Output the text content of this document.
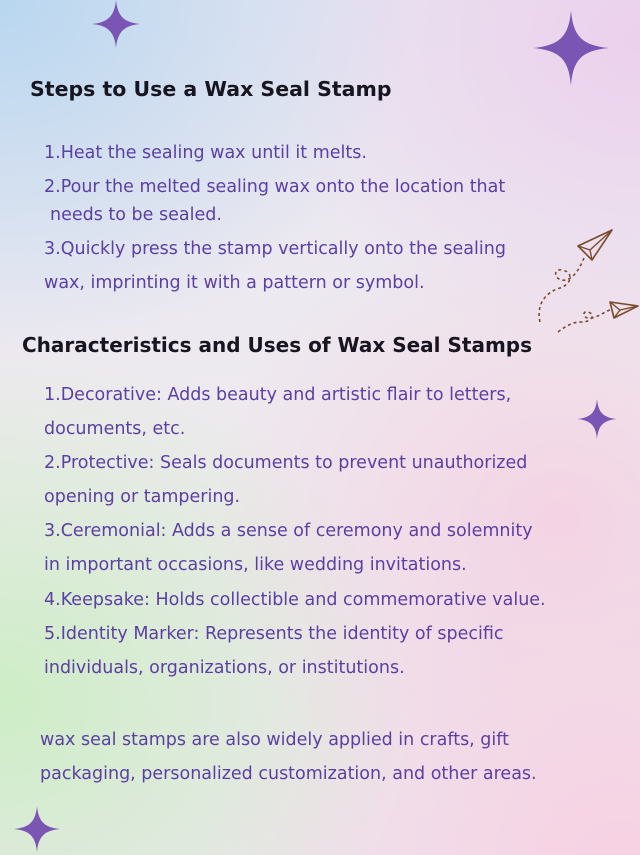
Steps to Use a Wax Seal Stamp

1.Heat the sealing wax until it melts.

2.Pour the melted sealing wax onto the location that

needs to be sealed.

3.Quickly press the stamp vertically onto the sealing

wax, imprinting it with a pattern or symbol.

Characteristics and Uses of Wax Seal Stamps

1.Decorative: Adds beauty and artistic flair to letters,

documents, etc.

2.Protective: Seals documents to prevent unauthorized

opening or tampering.

3.Ceremonial: Adds a sense of ceremony and solemnity

in important occasions, like wedding invitations.

4.Keepsake: Holds collectible and commemorative value.

5.Identity Marker: Represents the identity of specific

individuals, organizations, or institutions.

wax seal stamps are also widely applied in crafts, gift

packaging, personalized customization, and other areas.
